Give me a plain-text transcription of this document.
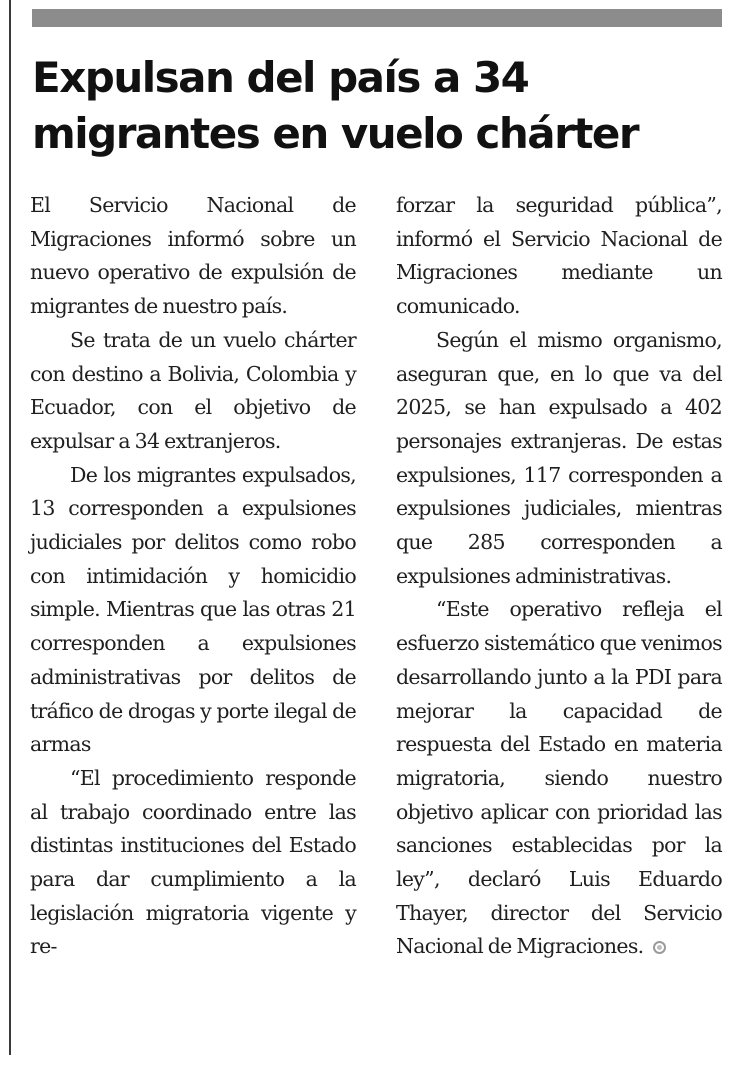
Expulsan del país a 34
migrantes en vuelo chárter

El Servicio Nacional de Migraciones informó sobre un nuevo operativo de expulsión de migrantes de nuestro país.

Se trata de un vuelo chárter con destino a Bolivia, Colombia y Ecuador, con el objetivo de expulsar a 34 extranjeros.

De los migrantes expulsados, 13 corresponden a expulsiones judiciales por delitos como robo con intimidación y homicidio simple. Mientras que las otras 21 corresponden a expulsiones administrativas por delitos de tráfico de drogas y porte ilegal de armas

“El procedimiento responde al trabajo coordinado entre las distintas instituciones del Estado para dar cumplimiento a la legislación migratoria vigente y re-

forzar la seguridad pública”, informó el Servicio Nacional de Migraciones mediante un comunicado.

Según el mismo organismo, aseguran que, en lo que va del 2025, se han expulsado a 402 personajes extranjeras. De estas expulsiones, 117 corresponden a expulsiones judiciales, mientras que 285 corresponden a expulsiones administrativas.

“Este operativo refleja el esfuerzo sistemático que venimos desarrollando junto a la PDI para mejorar la capacidad de respuesta del Estado en materia migratoria, siendo nuestro objetivo aplicar con prioridad las sanciones establecidas por la ley”, declaró Luis Eduardo Thayer, director del Servicio Nacional de Migraciones.
